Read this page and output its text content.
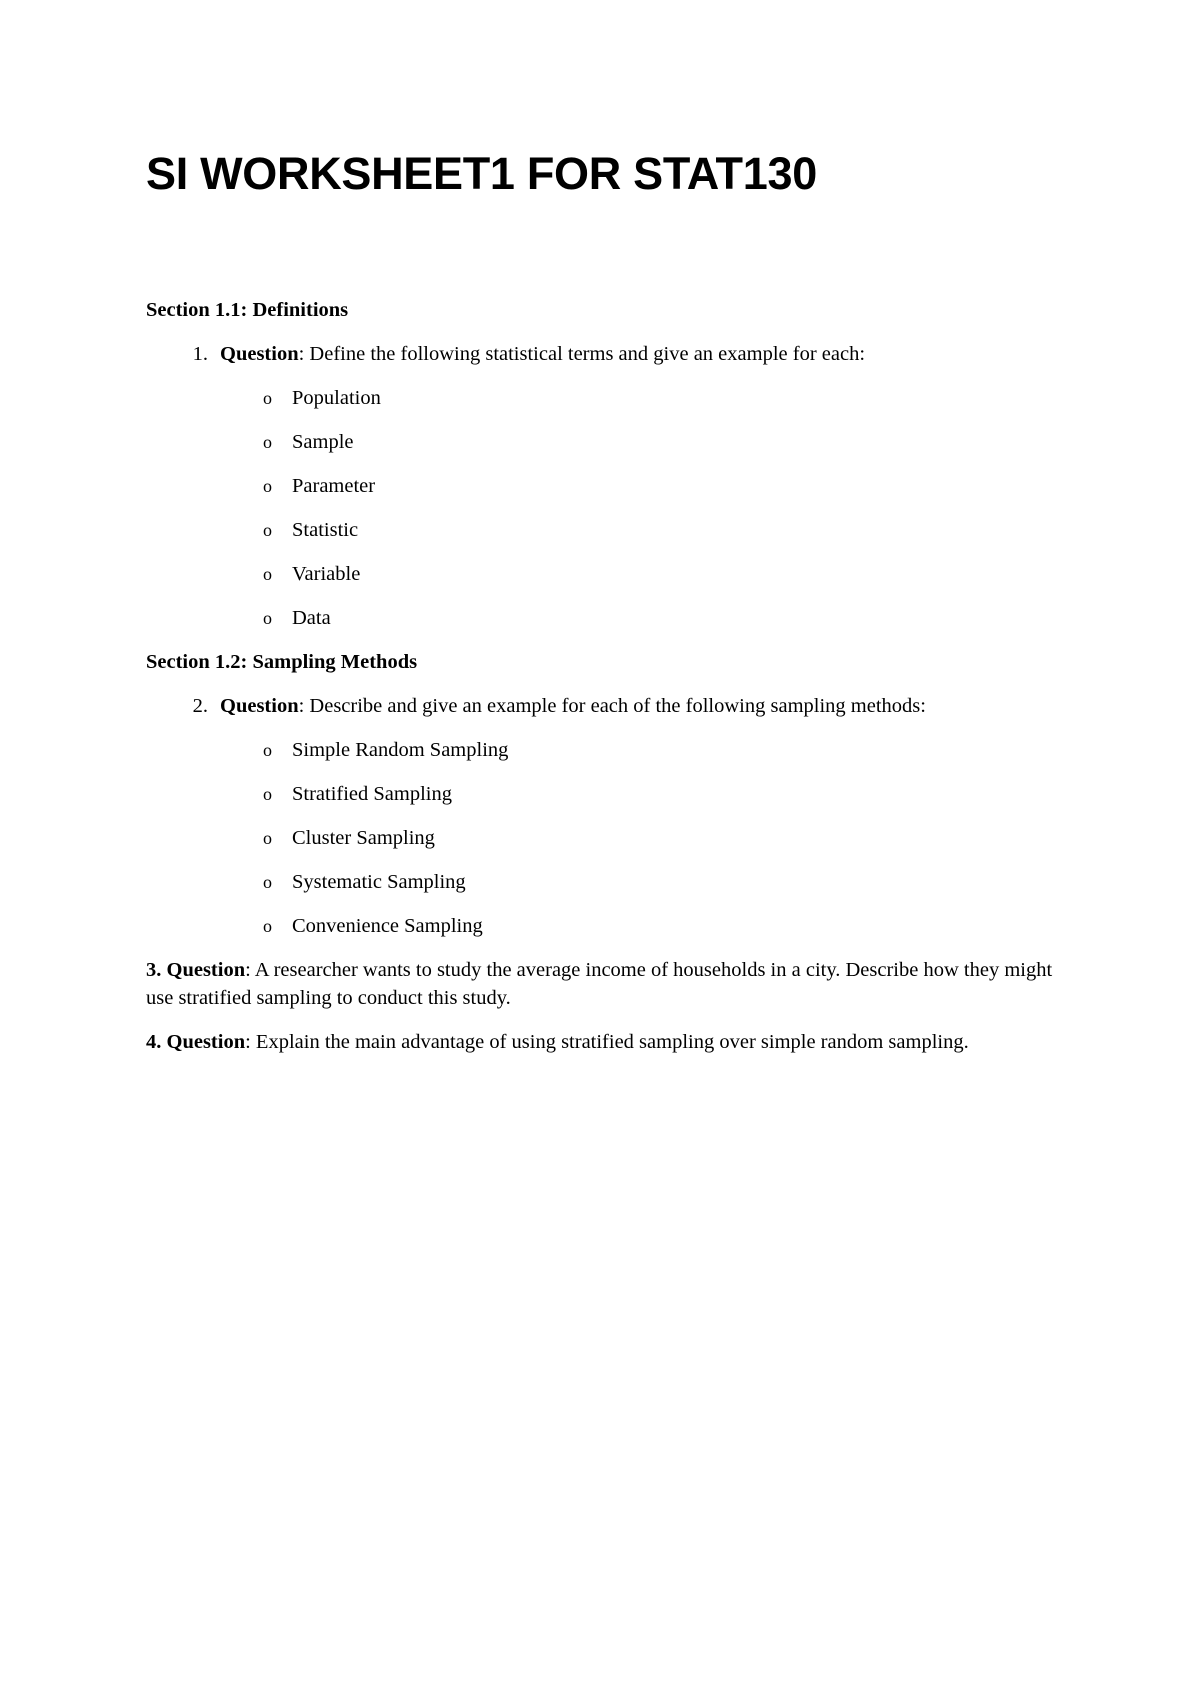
SI WORKSHEET1 FOR STAT130

Section 1.1: Definitions

1. Question: Define the following statistical terms and give an example for each:
o Population
o Sample
o Parameter
o Statistic
o Variable
o Data

Section 1.2: Sampling Methods

2. Question: Describe and give an example for each of the following sampling methods:
o Simple Random Sampling
o Stratified Sampling
o Cluster Sampling
o Systematic Sampling
o Convenience Sampling

3. Question: A researcher wants to study the average income of households in a city. Describe how they might use stratified sampling to conduct this study.

4. Question: Explain the main advantage of using stratified sampling over simple random sampling.
